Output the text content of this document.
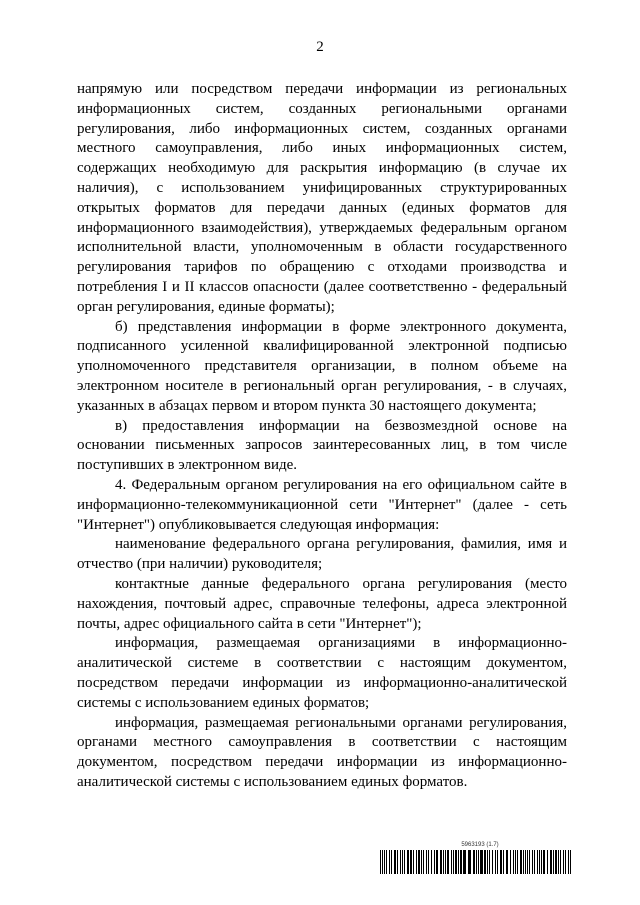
2

напрямую или посредством передачи информации из региональных информационных систем, созданных региональными органами регулирования, либо информационных систем, созданных органами местного самоуправления, либо иных информационных систем, содержащих необходимую для раскрытия информацию (в случае их наличия), с использованием унифицированных структурированных открытых форматов для передачи данных (единых форматов для информационного взаимодействия), утверждаемых федеральным органом исполнительной власти, уполномоченным в области государственного регулирования тарифов по обращению с отходами производства и потребления I и II классов опасности (далее соответственно - федеральный орган регулирования, единые форматы);

б) представления информации в форме электронного документа, подписанного усиленной квалифицированной электронной подписью уполномоченного представителя организации, в полном объеме на электронном носителе в региональный орган регулирования, - в случаях, указанных в абзацах первом и втором пункта 30 настоящего документа;

в) предоставления информации на безвозмездной основе на основании письменных запросов заинтересованных лиц, в том числе поступивших в электронном виде.

4. Федеральным органом регулирования на его официальном сайте в информационно-телекоммуникационной сети "Интернет" (далее - сеть "Интернет") опубликовывается следующая информация:

наименование федерального органа регулирования, фамилия, имя и отчество (при наличии) руководителя;

контактные данные федерального органа регулирования (место нахождения, почтовый адрес, справочные телефоны, адреса электронной почты, адрес официального сайта в сети "Интернет");

информация, размещаемая организациями в информационно-аналитической системе в соответствии с настоящим документом, посредством передачи информации из информационно-аналитической системы с использованием единых форматов;

информация, размещаемая региональными органами регулирования, органами местного самоуправления в соответствии с настоящим документом, посредством передачи информации из информационно-аналитической системы с использованием единых форматов.

5963193 (1.7)
